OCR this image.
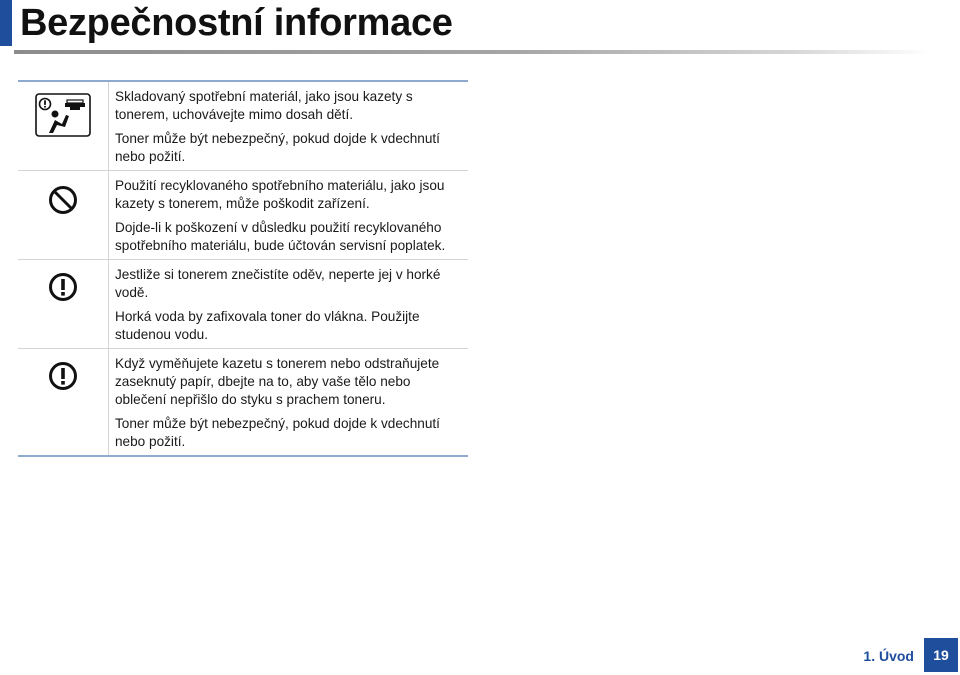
Bezpečnostní informace

Skladovaný spotřební materiál, jako jsou kazety s tonerem, uchovávejte mimo dosah dětí.

Toner může být nebezpečný, pokud dojde k vdechnutí nebo požití.

Použití recyklovaného spotřebního materiálu, jako jsou kazety s tonerem, může poškodit zařízení.

Dojde-li k poškození v důsledku použití recyklovaného spotřebního materiálu, bude účtován servisní poplatek.

Jestliže si tonerem znečistíte oděv, neperte jej v horké vodě.

Horká voda by zafixovala toner do vlákna. Použijte studenou vodu.

Když vyměňujete kazetu s tonerem nebo odstraňujete zaseknutý papír, dbejte na to, aby vaše tělo nebo oblečení nepřišlo do styku s prachem toneru.

Toner může být nebezpečný, pokud dojde k vdechnutí nebo požití.

1. Úvod	19
